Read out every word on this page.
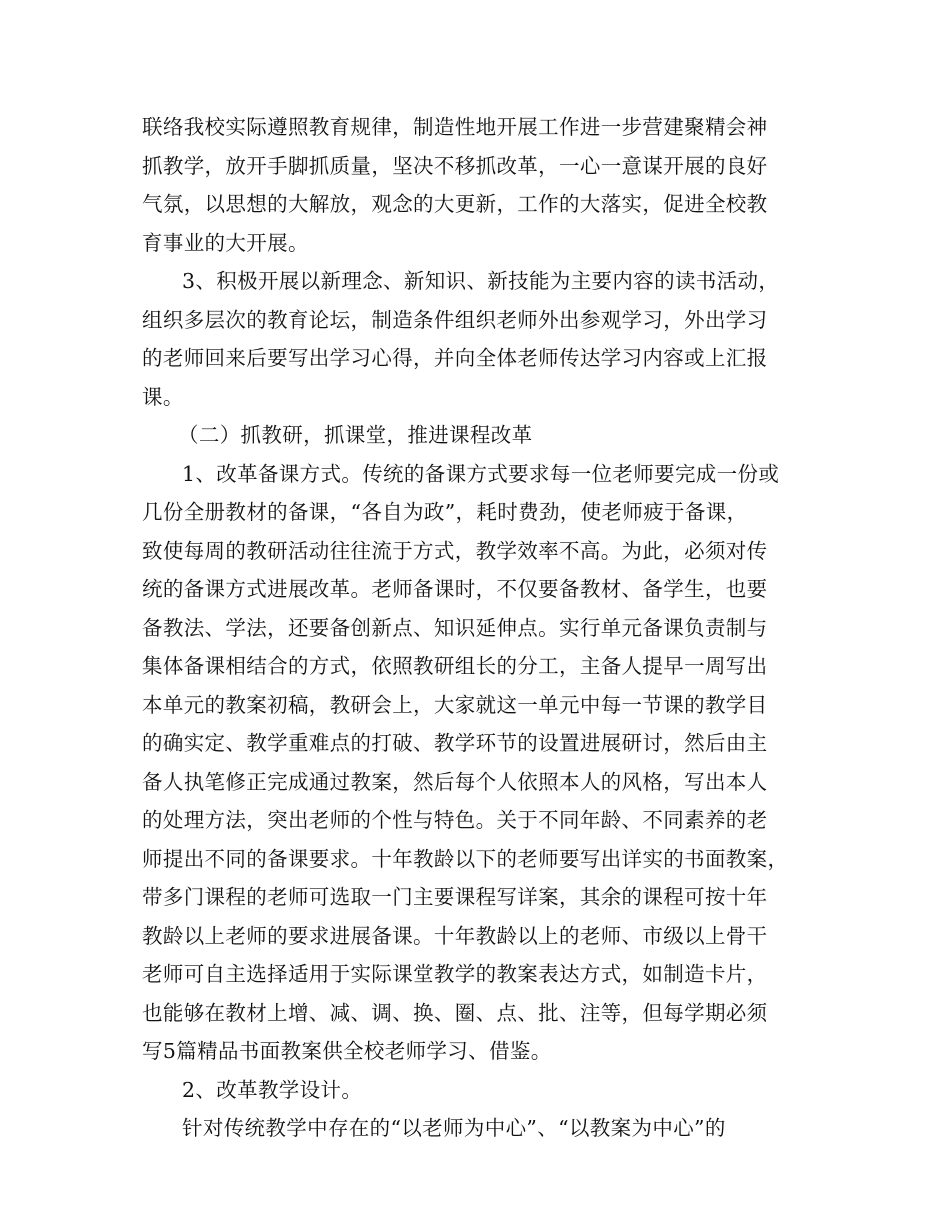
联络我校实际遵照教育规律，制造性地开展工作进一步营建聚精会神
抓教学，放开手脚抓质量，坚决不移抓改革，一心一意谋开展的良好
气氛，以思想的大解放，观念的大更新，工作的大落实，促进全校教
育事业的大开展。
3、积极开展以新理念、新知识、新技能为主要内容的读书活动，
组织多层次的教育论坛，制造条件组织老师外出参观学习，外出学习
的老师回来后要写出学习心得，并向全体老师传达学习内容或上汇报
课。
（二）抓教研，抓课堂，推进课程改革
1、改革备课方式。传统的备课方式要求每一位老师要完成一份或
几份全册教材的备课，“各自为政”，耗时费劲，使老师疲于备课，
致使每周的教研活动往往流于方式，教学效率不高。为此，必须对传
统的备课方式进展改革。老师备课时，不仅要备教材、备学生，也要
备教法、学法，还要备创新点、知识延伸点。实行单元备课负责制与
集体备课相结合的方式，依照教研组长的分工，主备人提早一周写出
本单元的教案初稿，教研会上，大家就这一单元中每一节课的教学目
的确实定、教学重难点的打破、教学环节的设置进展研讨，然后由主
备人执笔修正完成通过教案，然后每个人依照本人的风格，写出本人
的处理方法，突出老师的个性与特色。关于不同年龄、不同素养的老
师提出不同的备课要求。十年教龄以下的老师要写出详实的书面教案，
带多门课程的老师可选取一门主要课程写详案，其余的课程可按十年
教龄以上老师的要求进展备课。十年教龄以上的老师、市级以上骨干
老师可自主选择适用于实际课堂教学的教案表达方式，如制造卡片，
也能够在教材上增、减、调、换、圈、点、批、注等，但每学期必须
写5篇精品书面教案供全校老师学习、借鉴。
2、改革教学设计。
针对传统教学中存在的“以老师为中心”、“以教案为中心”的
